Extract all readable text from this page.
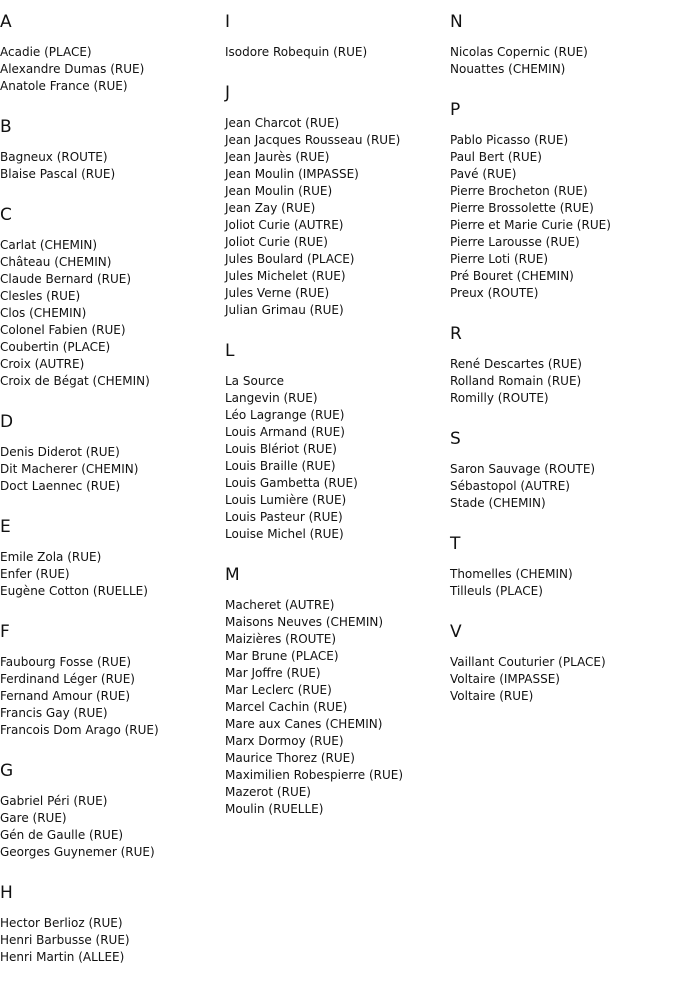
A
Acadie (PLACE)
Alexandre Dumas (RUE)
Anatole France (RUE)
B
Bagneux (ROUTE)
Blaise Pascal (RUE)
C
Carlat (CHEMIN)
Château (CHEMIN)
Claude Bernard (RUE)
Clesles (RUE)
Clos (CHEMIN)
Colonel Fabien (RUE)
Coubertin (PLACE)
Croix (AUTRE)
Croix de Bégat (CHEMIN)
D
Denis Diderot (RUE)
Dit Macherer (CHEMIN)
Doct Laennec (RUE)
E
Emile Zola (RUE)
Enfer (RUE)
Eugène Cotton (RUELLE)
F
Faubourg Fosse (RUE)
Ferdinand Léger (RUE)
Fernand Amour (RUE)
Francis Gay (RUE)
Francois Dom Arago (RUE)
G
Gabriel Péri (RUE)
Gare (RUE)
Gén de Gaulle (RUE)
Georges Guynemer (RUE)
H
Hector Berlioz (RUE)
Henri Barbusse (RUE)
Henri Martin (ALLEE)
I
Isodore Robequin (RUE)
J
Jean Charcot (RUE)
Jean Jacques Rousseau (RUE)
Jean Jaurès (RUE)
Jean Moulin (IMPASSE)
Jean Moulin (RUE)
Jean Zay (RUE)
Joliot Curie (AUTRE)
Joliot Curie (RUE)
Jules Boulard (PLACE)
Jules Michelet (RUE)
Jules Verne (RUE)
Julian Grimau (RUE)
L
La Source
Langevin (RUE)
Léo Lagrange (RUE)
Louis Armand (RUE)
Louis Blériot (RUE)
Louis Braille (RUE)
Louis Gambetta (RUE)
Louis Lumière (RUE)
Louis Pasteur (RUE)
Louise Michel (RUE)
M
Macheret (AUTRE)
Maisons Neuves (CHEMIN)
Maizières (ROUTE)
Mar Brune (PLACE)
Mar Joffre (RUE)
Mar Leclerc (RUE)
Marcel Cachin (RUE)
Mare aux Canes (CHEMIN)
Marx Dormoy (RUE)
Maurice Thorez (RUE)
Maximilien Robespierre (RUE)
Mazerot (RUE)
Moulin (RUELLE)
N
Nicolas Copernic (RUE)
Nouattes (CHEMIN)
P
Pablo Picasso (RUE)
Paul Bert (RUE)
Pavé (RUE)
Pierre Brocheton (RUE)
Pierre Brossolette (RUE)
Pierre et Marie Curie (RUE)
Pierre Larousse (RUE)
Pierre Loti (RUE)
Pré Bouret (CHEMIN)
Preux (ROUTE)
R
René Descartes (RUE)
Rolland Romain (RUE)
Romilly (ROUTE)
S
Saron Sauvage (ROUTE)
Sébastopol (AUTRE)
Stade (CHEMIN)
T
Thomelles (CHEMIN)
Tilleuls (PLACE)
V
Vaillant Couturier (PLACE)
Voltaire (IMPASSE)
Voltaire (RUE)
